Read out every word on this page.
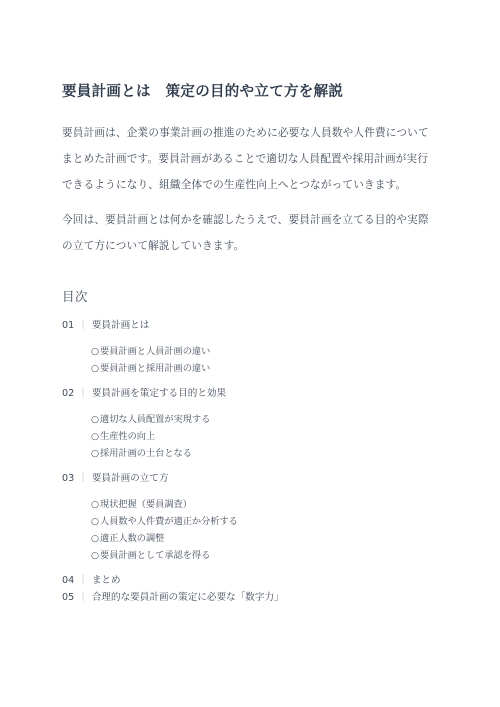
要員計画とは　策定の目的や立て方を解説

要員計画は、企業の事業計画の推進のために必要な人員数や人件費についてまとめた計画です。要員計画があることで適切な人員配置や採用計画が実行できるようになり、組織全体での生産性向上へとつながっていきます。

今回は、要員計画とは何かを確認したうえで、要員計画を立てる目的や実際の立て方について解説していきます。

目次
01 ｜ 要員計画とは
○要員計画と人員計画の違い
○要員計画と採用計画の違い
02 ｜ 要員計画を策定する目的と効果
○適切な人員配置が実現する
○生産性の向上
○採用計画の土台となる
03 ｜ 要員計画の立て方
○現状把握（要員調査）
○人員数や人件費が適正か分析する
○適正人数の調整
○要員計画として承認を得る
04 ｜ まとめ
05 ｜ 合理的な要員計画の策定に必要な「数字力」
